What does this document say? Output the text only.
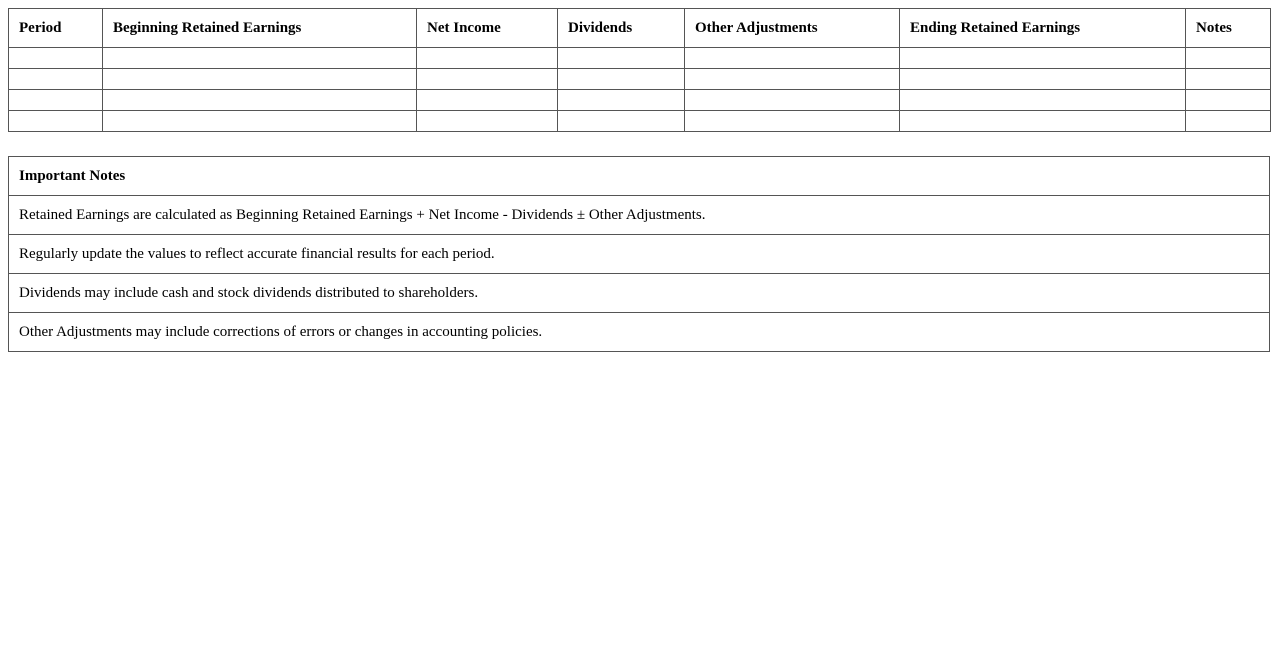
Period	Beginning Retained Earnings	Net Income	Dividends	Other Adjustments	Ending Retained Earnings	Notes

Important Notes
Retained Earnings are calculated as Beginning Retained Earnings + Net Income - Dividends ± Other Adjustments.
Regularly update the values to reflect accurate financial results for each period.
Dividends may include cash and stock dividends distributed to shareholders.
Other Adjustments may include corrections of errors or changes in accounting policies.
